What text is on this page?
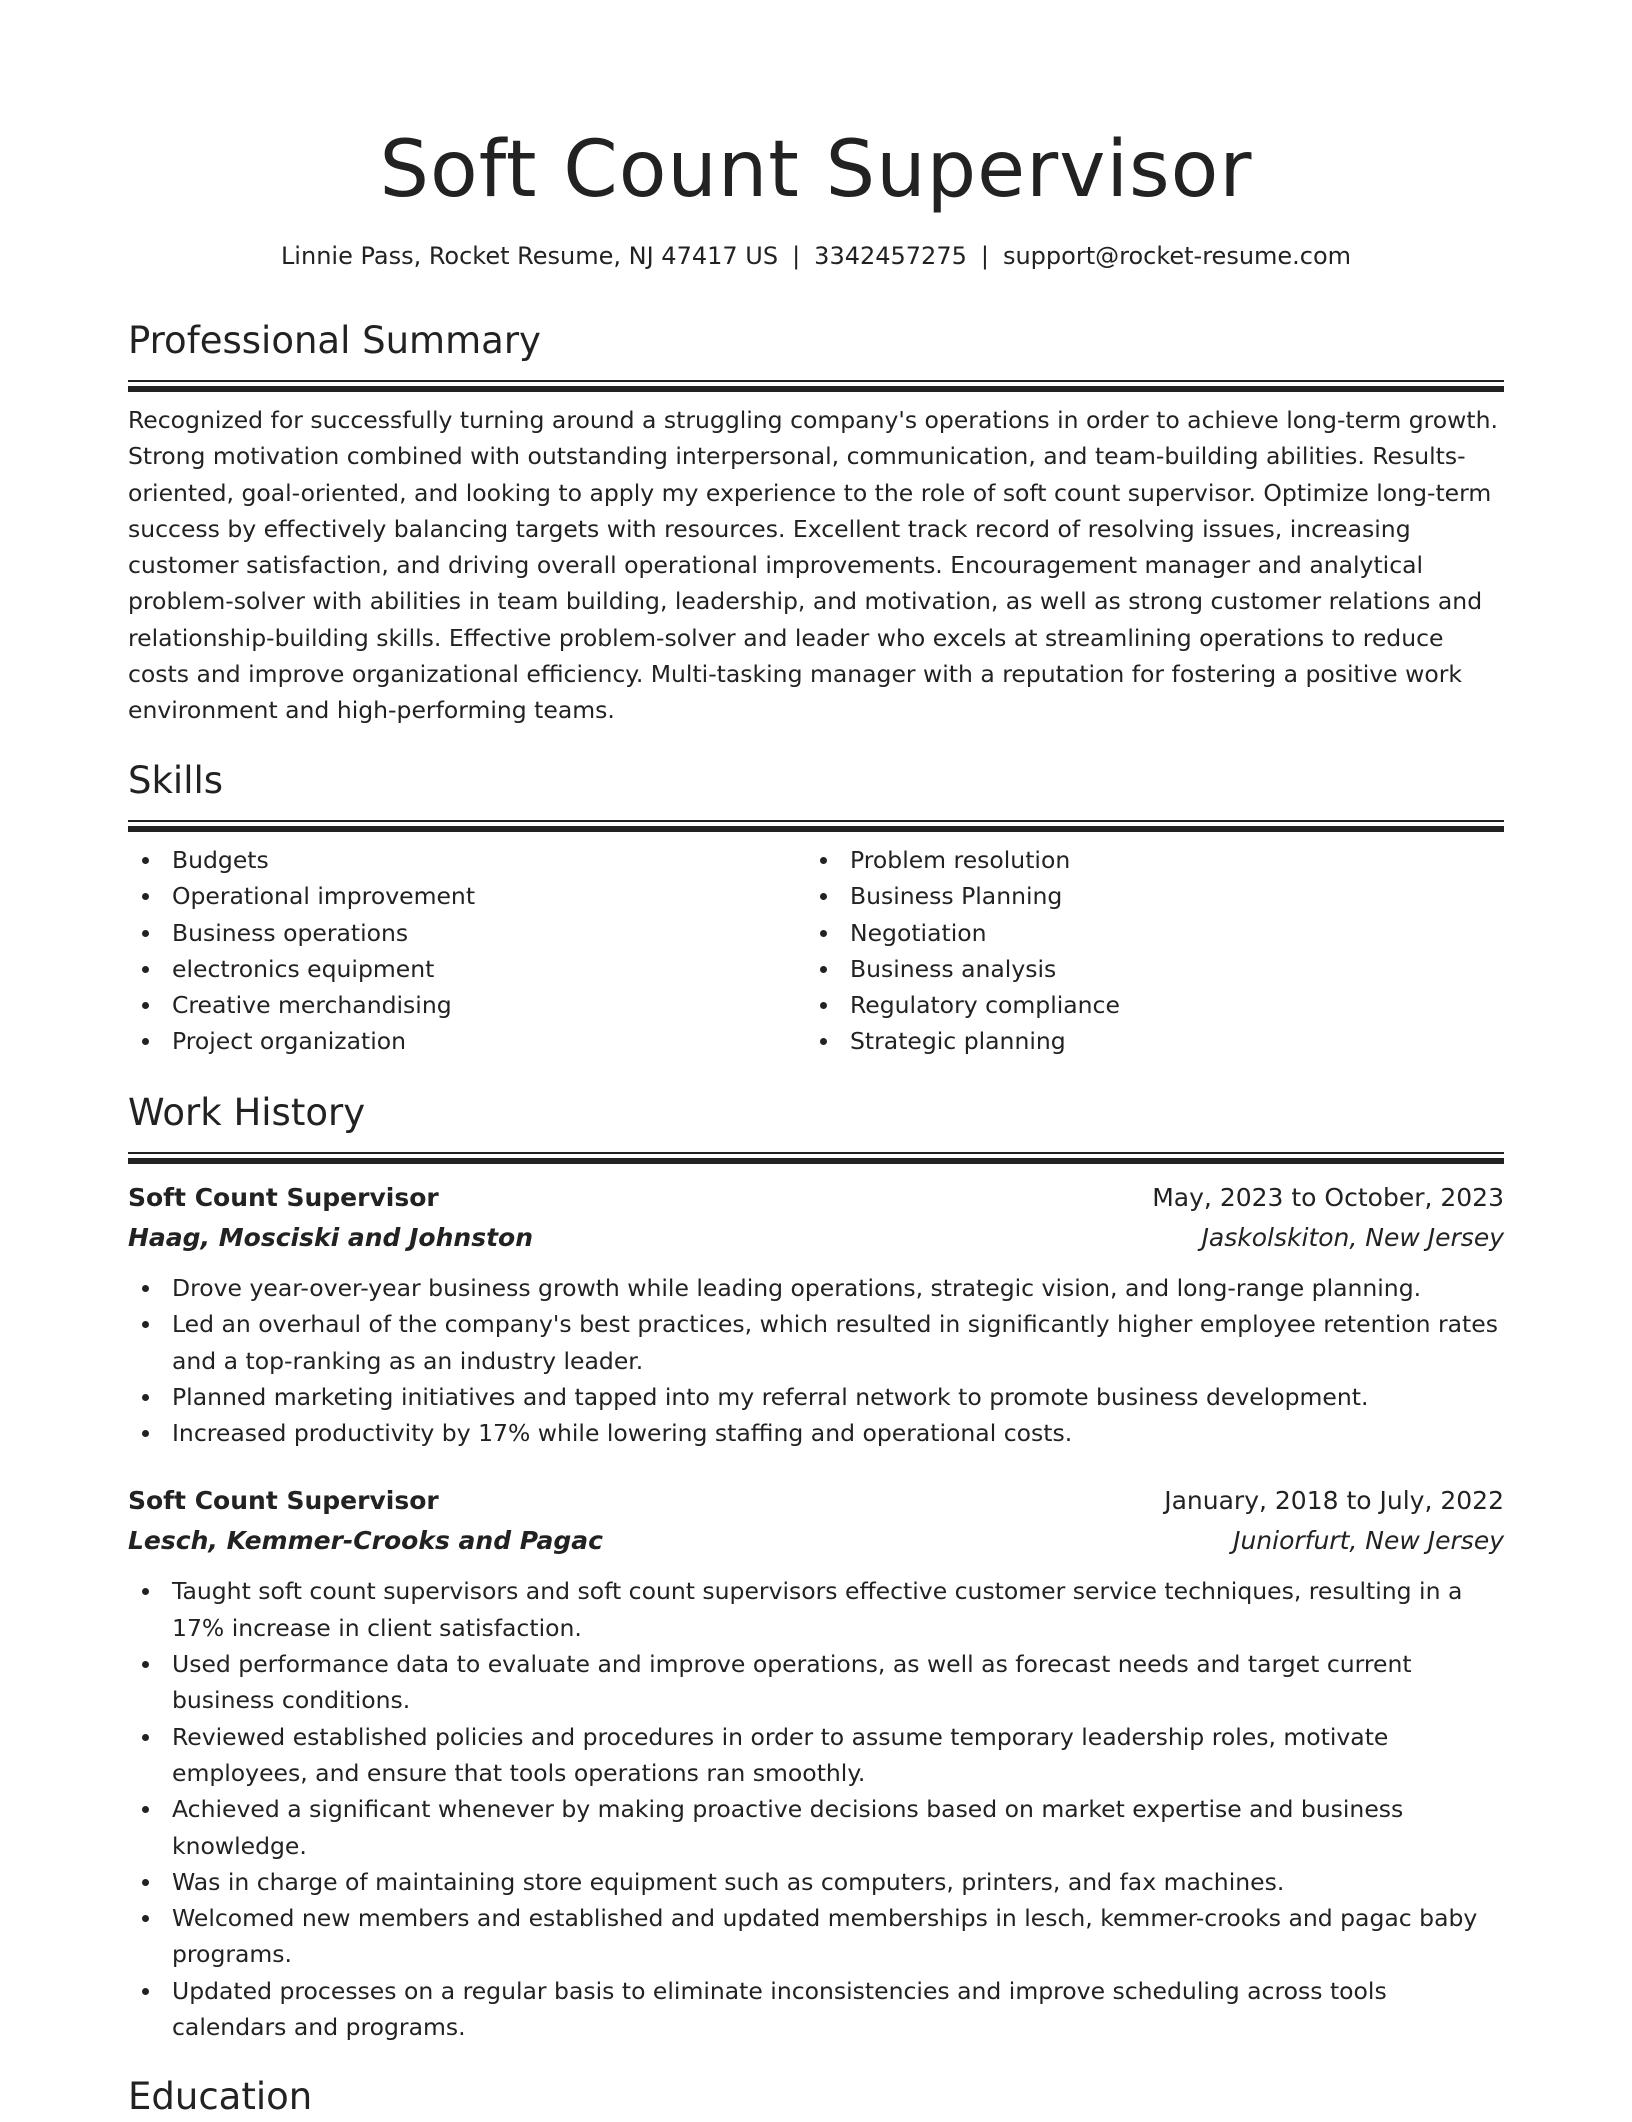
Soft Count Supervisor
Linnie Pass, Rocket Resume, NJ 47417 US | 3342457275 | support@rocket-resume.com
Professional Summary
Recognized for successfully turning around a struggling company's operations in order to achieve long-term growth. Strong motivation combined with outstanding interpersonal, communication, and team-building abilities. Results-oriented, goal-oriented, and looking to apply my experience to the role of soft count supervisor. Optimize long-term success by effectively balancing targets with resources. Excellent track record of resolving issues, increasing customer satisfaction, and driving overall operational improvements. Encouragement manager and analytical problem-solver with abilities in team building, leadership, and motivation, as well as strong customer relations and relationship-building skills. Effective problem-solver and leader who excels at streamlining operations to reduce costs and improve organizational efficiency. Multi-tasking manager with a reputation for fostering a positive work environment and high-performing teams.
Skills
Budgets
Operational improvement
Business operations
electronics equipment
Creative merchandising
Project organization
Problem resolution
Business Planning
Negotiation
Business analysis
Regulatory compliance
Strategic planning
Work History
Soft Count Supervisor	May, 2023 to October, 2023
Haag, Mosciski and Johnston	Jaskolskiton, New Jersey
Drove year-over-year business growth while leading operations, strategic vision, and long-range planning.
Led an overhaul of the company's best practices, which resulted in significantly higher employee retention rates and a top-ranking as an industry leader.
Planned marketing initiatives and tapped into my referral network to promote business development.
Increased productivity by 17% while lowering staffing and operational costs.
Soft Count Supervisor	January, 2018 to July, 2022
Lesch, Kemmer-Crooks and Pagac	Juniorfurt, New Jersey
Taught soft count supervisors and soft count supervisors effective customer service techniques, resulting in a 17% increase in client satisfaction.
Used performance data to evaluate and improve operations, as well as forecast needs and target current business conditions.
Reviewed established policies and procedures in order to assume temporary leadership roles, motivate employees, and ensure that tools operations ran smoothly.
Achieved a significant whenever by making proactive decisions based on market expertise and business knowledge.
Was in charge of maintaining store equipment such as computers, printers, and fax machines.
Welcomed new members and established and updated memberships in lesch, kemmer-crooks and pagac baby programs.
Updated processes on a regular basis to eliminate inconsistencies and improve scheduling across tools calendars and programs.
Education
